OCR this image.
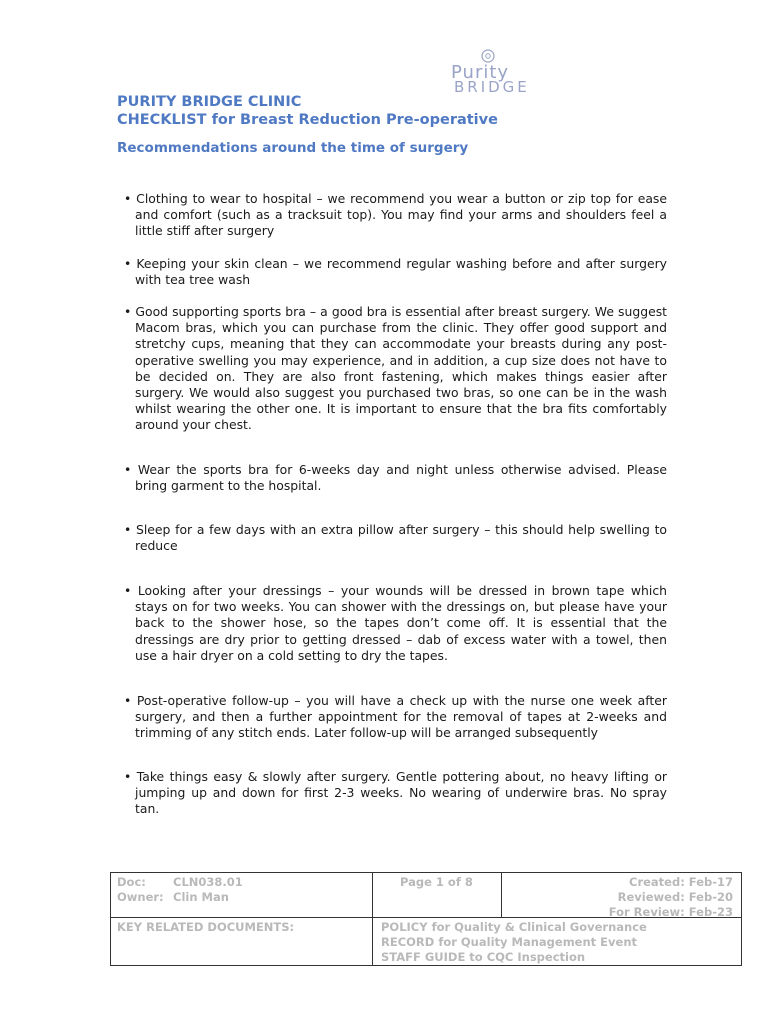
Purity
BRIDGE
PURITY BRIDGE CLINIC
CHECKLIST for Breast Reduction Pre-operative
Recommendations around the time of surgery

• Clothing to wear to hospital – we recommend you wear a button or zip top for ease and comfort (such as a tracksuit top). You may find your arms and shoulders feel a little stiff after surgery

• Keeping your skin clean – we recommend regular washing before and after surgery with tea tree wash

• Good supporting sports bra – a good bra is essential after breast surgery. We suggest Macom bras, which you can purchase from the clinic. They offer good support and stretchy cups, meaning that they can accommodate your breasts during any post-operative swelling you may experience, and in addition, a cup size does not have to be decided on. They are also front fastening, which makes things easier after surgery. We would also suggest you purchased two bras, so one can be in the wash whilst wearing the other one. It is important to ensure that the bra fits comfortably around your chest.

• Wear the sports bra for 6-weeks day and night unless otherwise advised. Please bring garment to the hospital.

• Sleep for a few days with an extra pillow after surgery – this should help swelling to reduce

• Looking after your dressings – your wounds will be dressed in brown tape which stays on for two weeks. You can shower with the dressings on, but please have your back to the shower hose, so the tapes don’t come off. It is essential that the dressings are dry prior to getting dressed – dab of excess water with a towel, then use a hair dryer on a cold setting to dry the tapes.

• Post-operative follow-up – you will have a check up with the nurse one week after surgery, and then a further appointment for the removal of tapes at 2-weeks and trimming of any stitch ends. Later follow-up will be arranged subsequently

• Take things easy & slowly after surgery. Gentle pottering about, no heavy lifting or jumping up and down for first 2-3 weeks. No wearing of underwire bras. No spray tan.

Doc: CLN038.01
Owner: Clin Man
Page 1 of 8	Created: Feb-17
Reviewed: Feb-20
For Review: Feb-23
KEY RELATED DOCUMENTS:	POLICY for Quality & Clinical Governance
RECORD for Quality Management Event
STAFF GUIDE to CQC Inspection
